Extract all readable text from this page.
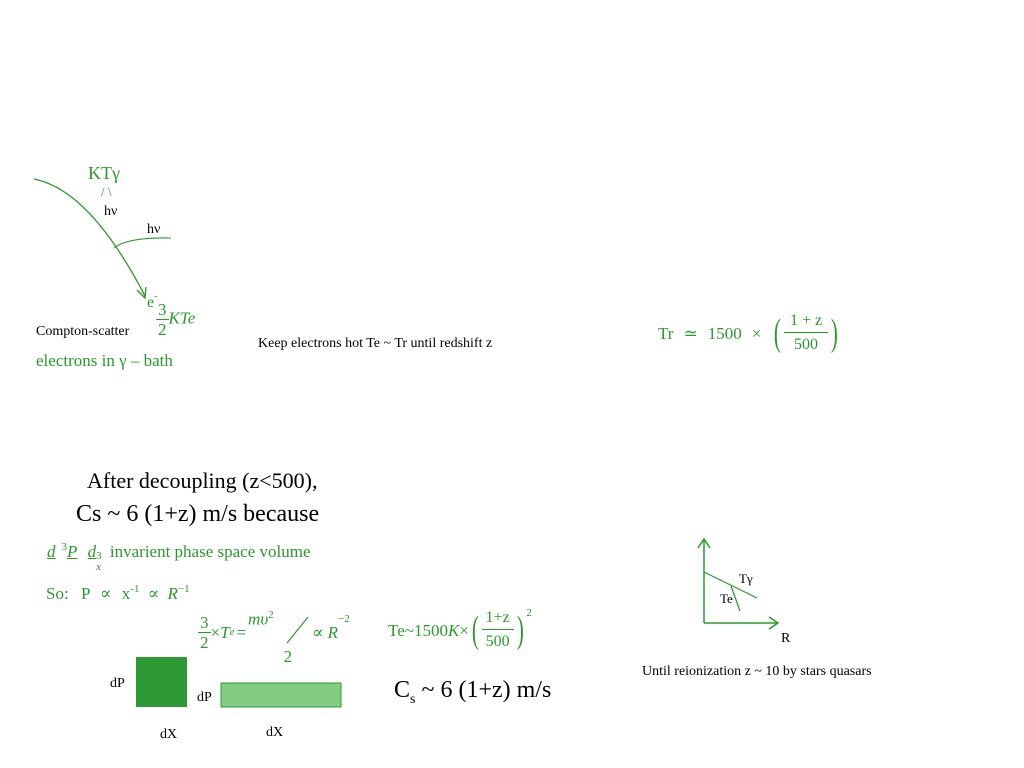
KTγ
/ \
hν
hν
e-
Compton-scatter $\frac{3}{2}$ KTe
electrons in γ – bath
Keep electrons hot Te ~ Tr until redshift z
Tr ≃ 1500 × ( $\frac{1 + z}{500}$ )
After decoupling (z<500),
Cs ~ 6 (1+z) m/s because
d $^3$P d 3
x
invarient phase space volume
So: $P \propto x^{-1} \propto R^{-1}$
$\frac{3}{2} \times T$ e =
$m\upsilon^2$
2
∝ R
$^{-2}$
Te ~ 1500 K × ( $\frac{1+z}{500}$ ) $^2$
$C_s$ ~ 6 (1+z) m/s
dP
dX
dP
dX
Tγ
Te
R
Until reionization z ~ 10 by stars quasars
